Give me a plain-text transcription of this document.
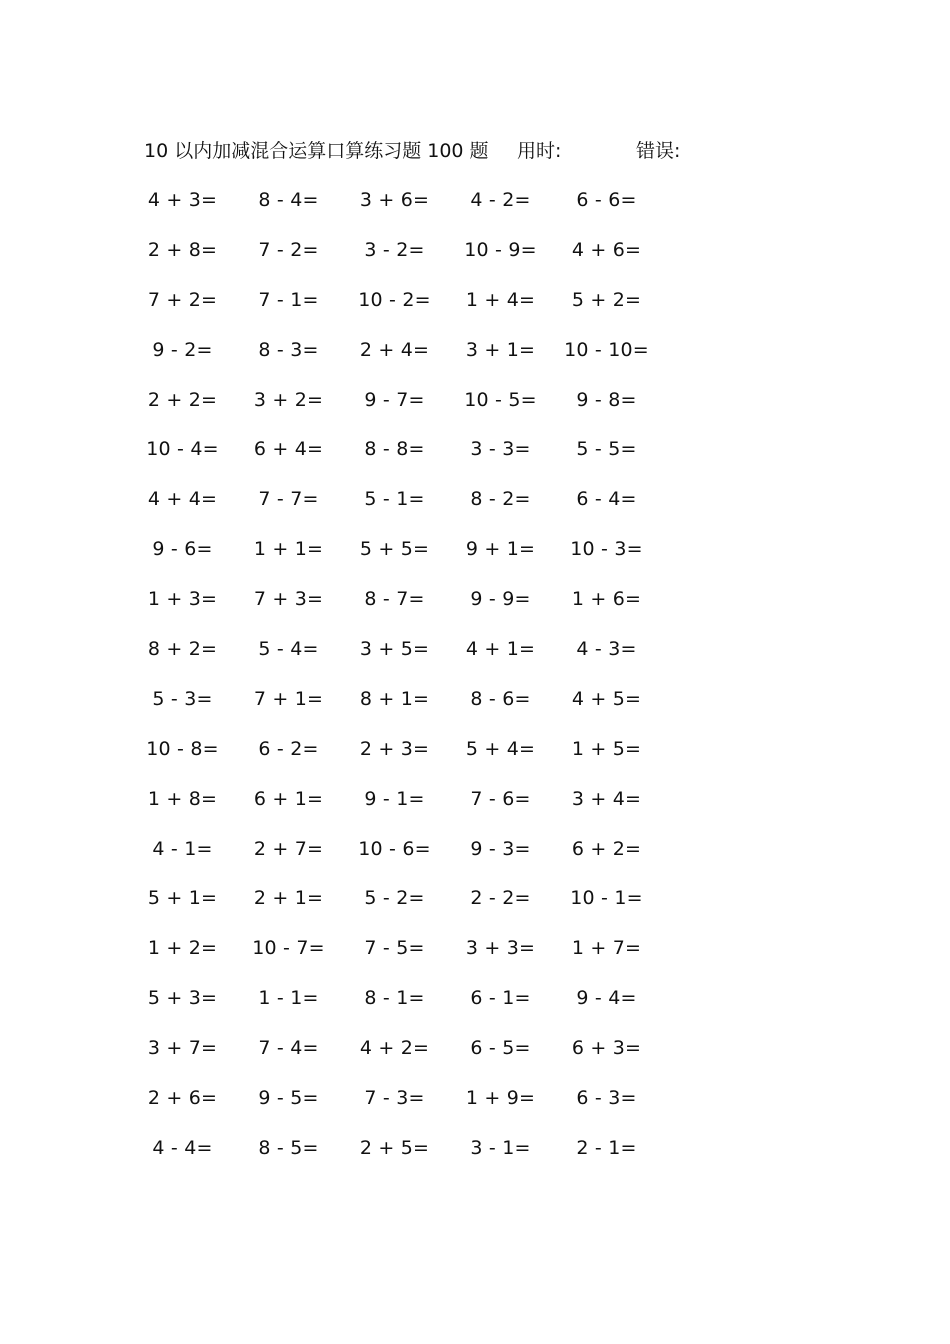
10 以内加减混合运算口算练习题 100 题 用时:	错误:
4 + 3=	8 - 4=	3 + 6=	4 - 2=	6 - 6=
2 + 8=	7 - 2=	3 - 2=	10 - 9=	4 + 6=
7 + 2=	7 - 1=	10 - 2=	1 + 4=	5 + 2=
9 - 2=	8 - 3=	2 + 4=	3 + 1=	10 - 10=
2 + 2=	3 + 2=	9 - 7=	10 - 5=	9 - 8=
10 - 4=	6 + 4=	8 - 8=	3 - 3=	5 - 5=
4 + 4=	7 - 7=	5 - 1=	8 - 2=	6 - 4=
9 - 6=	1 + 1=	5 + 5=	9 + 1=	10 - 3=
1 + 3=	7 + 3=	8 - 7=	9 - 9=	1 + 6=
8 + 2=	5 - 4=	3 + 5=	4 + 1=	4 - 3=
5 - 3=	7 + 1=	8 + 1=	8 - 6=	4 + 5=
10 - 8=	6 - 2=	2 + 3=	5 + 4=	1 + 5=
1 + 8=	6 + 1=	9 - 1=	7 - 6=	3 + 4=
4 - 1=	2 + 7=	10 - 6=	9 - 3=	6 + 2=
5 + 1=	2 + 1=	5 - 2=	2 - 2=	10 - 1=
1 + 2=	10 - 7=	7 - 5=	3 + 3=	1 + 7=
5 + 3=	1 - 1=	8 - 1=	6 - 1=	9 - 4=
3 + 7=	7 - 4=	4 + 2=	6 - 5=	6 + 3=
2 + 6=	9 - 5=	7 - 3=	1 + 9=	6 - 3=
4 - 4=	8 - 5=	2 + 5=	3 - 1=	2 - 1=
